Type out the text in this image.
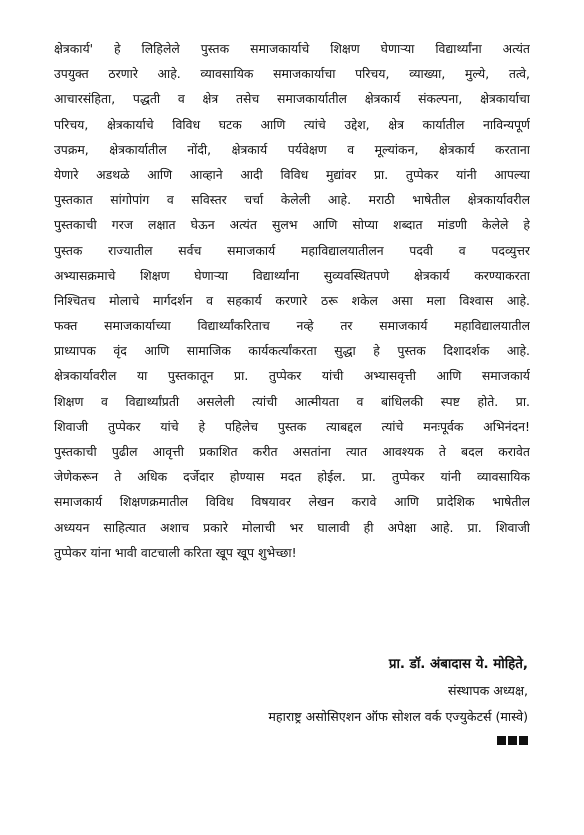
क्षेत्रकार्य' हे लिहिलेले पुस्तक समाजकार्याचे शिक्षण घेणाऱ्या विद्यार्थ्यांना अत्यंत
उपयुक्त ठरणारे आहे. व्यावसायिक समाजकार्याचा परिचय, व्याख्या, मुल्ये, तत्वे,
आचारसंहिता, पद्धती व क्षेत्र तसेच समाजकार्यातील क्षेत्रकार्य संकल्पना, क्षेत्रकार्याचा
परिचय, क्षेत्रकार्याचे विविध घटक आणि त्यांचे उद्देश, क्षेत्र कार्यातील नाविन्यपूर्ण
उपक्रम, क्षेत्रकार्यातील नोंदी, क्षेत्रकार्य पर्यवेक्षण व मूल्यांकन, क्षेत्रकार्य करताना
येणारे अडथळे आणि आव्हाने आदी विविध मुद्यांवर प्रा. तुप्पेकर यांनी आपल्या
पुस्तकात सांगोपांग व सविस्तर चर्चा केलेली आहे. मराठी भाषेतील क्षेत्रकार्यावरील
पुस्तकाची गरज लक्षात घेऊन अत्यंत सुलभ आणि सोप्या शब्दात मांडणी केलेले हे
पुस्तक राज्यातील सर्वच समाजकार्य महाविद्यालयातीलन पदवी व पदव्युत्तर
अभ्यासक्रमाचे शिक्षण घेणाऱ्या विद्यार्थ्यांना सुव्यवस्थितपणे क्षेत्रकार्य करण्याकरता
निश्चितच मोलाचे मार्गदर्शन व सहकार्य करणारे ठरू शकेल असा मला विश्वास आहे.
फक्त समाजकार्याच्या विद्यार्थ्यांकरिताच नव्हे तर समाजकार्य महाविद्यालयातील
प्राध्यापक वृंद आणि सामाजिक कार्यकर्त्यांकरता सुद्धा हे पुस्तक दिशादर्शक आहे.
क्षेत्रकार्यावरील या पुस्तकातून प्रा. तुप्पेकर यांची अभ्यासवृत्ती आणि समाजकार्य
शिक्षण व विद्यार्थ्यांप्रती असलेली त्यांची आत्मीयता व बांधिलकी स्पष्ट होते. प्रा.
शिवाजी तुप्पेकर यांचे हे पहिलेच पुस्तक त्याबद्दल त्यांचे मनःपूर्वक अभिनंदन!
पुस्तकाची पुढील आवृत्ती प्रकाशित करीत असतांना त्यात आवश्यक ते बदल करावेत
जेणेकरून ते अधिक दर्जेदार होण्यास मदत होईल. प्रा. तुप्पेकर यांनी व्यावसायिक
समाजकार्य शिक्षणक्रमातील विविध विषयावर लेखन करावे आणि प्रादेशिक भाषेतील
अध्ययन साहित्यात अशाच प्रकारे मोलाची भर घालावी ही अपेक्षा आहे. प्रा. शिवाजी
तुप्पेकर यांना भावी वाटचाली करिता खूप खूप शुभेच्छा!
प्रा. डॉ. अंबादास ये. मोहिते,
संस्थापक अध्यक्ष,
महाराष्ट्र असोसिएशन ऑफ सोशल वर्क एज्युकेटर्स (मास्वे)
